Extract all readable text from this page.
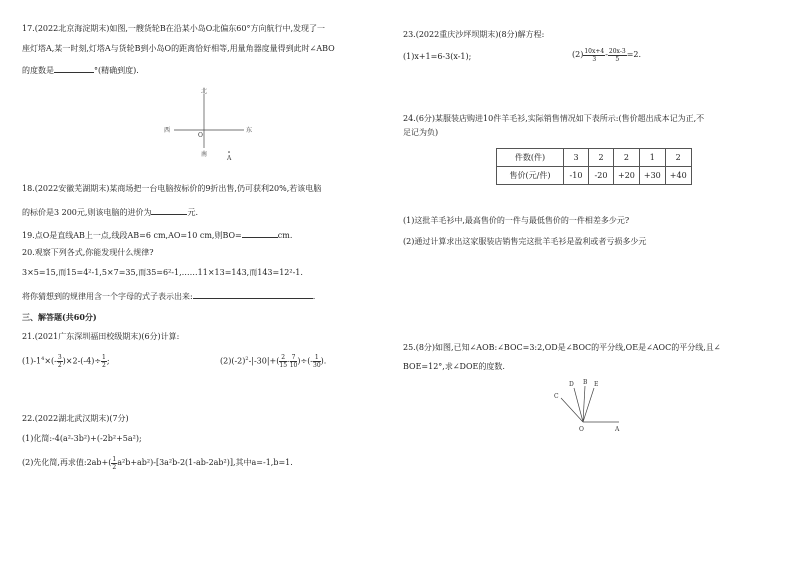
17.(2022北京海淀期末)如图,一艘货轮B在沿某小岛O北偏东60°方向航行中,发现了一
座灯塔A,某一时刻,灯塔A与货轮B到小岛O的距离恰好相等,用量角器度量得到此时∠ABO
的度数是	°(精确到度).
北
南
西	东
O
A
18.(2022安徽芜湖期末)某商场把一台电脑按标价的9折出售,仍可获利20%,若该电脑
的标价是3 200元,则该电脑的进价为	元.
19.点O是直线AB上一点,线段AB=6 cm,AO=10 cm,则BO=	cm.
20.观察下列各式,你能发现什么规律?
3×5=15,而15=4²-1,5×7=35,而35=6²-1,……11×13=143,而143=12²-1.
将你猜想到的规律用含一个字母的式子表示出来:	.
三、解答题(共60分)
21.(2021广东深圳福田校级期末)(6分)计算:
$(1)-1^4\times(- \frac{3}{2} )\times 2-(-4)\div \frac{1}{2}$ ;	$(2)(-2)^2-|-30|+( \frac{2}{15} - \frac{7}{10}$ )÷(- $\frac{1}{30}$ ).
22.(2022湖北武汉期末)(7分)
(1)化简:-4(a²-3b²)+(-2b²+5a²);
(2)先化简,再求值:2ab+( $\frac{1}{2} a^2b+ab^2)-[3a^2b-2(1-ab-2ab^2)]$,其中a=-1,b=1.
23.(2022重庆沙坪坝期末)(8分)解方程:
(1)x+1=6-3(x-1);	$(2) \frac{10x+4}{3} - \frac{20x-3}{5} =2$.
24.(6分)某服装店购进10件羊毛衫,实际销售情况如下表所示:(售价超出成本记为正,不
足记为负)
件数(件)	3	2	2	1	2
售价(元/件)	-10	-20	+20	+30	+40
(1)这批羊毛衫中,最高售价的一件与最低售价的一件相差多少元?
(2)通过计算求出这家服装店销售完这批羊毛衫是盈利或者亏损多少元
25.(8分)如图,已知∠AOB:∠BOC=3:2,OD是∠BOC的平分线,OE是∠AOC的平分线,且∠
BOE=12°,求∠DOE的度数.
A
B
C
D	E
O
